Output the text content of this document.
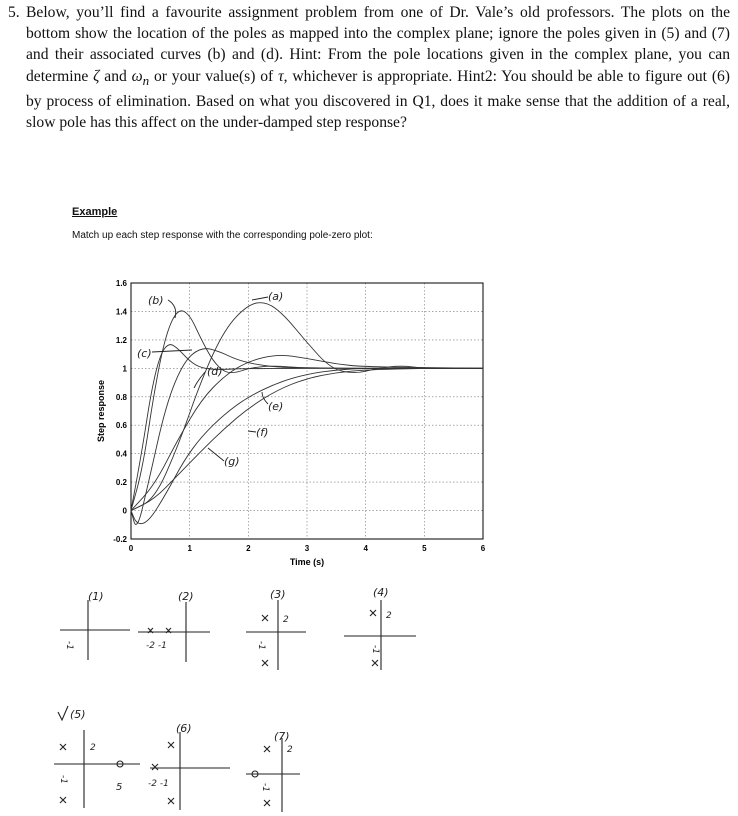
5. Below, you’ll find a favourite assignment problem from one of Dr. Vale’s old professors. The plots on the bottom show the location of the poles as mapped into the complex plane; ignore the poles given in (5) and (7) and their associated curves (b) and (d). Hint: From the pole locations given in the complex plane, you can determine ζ and $\omega_n$ or your value(s) of τ, whichever is appropriate. Hint2: You should be able to figure out (6) by process of elimination. Based on what you discovered in Q1, does it make sense that the addition of a real, slow pole has this affect on the under-damped step response?
Example
Match up each step response with the corresponding pole-zero plot:
-0.2
0
0.2
0.4
0.6
0.8
1
1.2
1.4
1.6
0	1	2	3	4	5	6
Step response
Time (s)
(a)
(b)
(c)
(d)
(e)
(f)
(g)
(1)
-1
(2)
-2 -1
(3)
-1
2
(4)
-1
2
(5)
-1
2
5
(6)
-2 -1
(7)
-1
2
